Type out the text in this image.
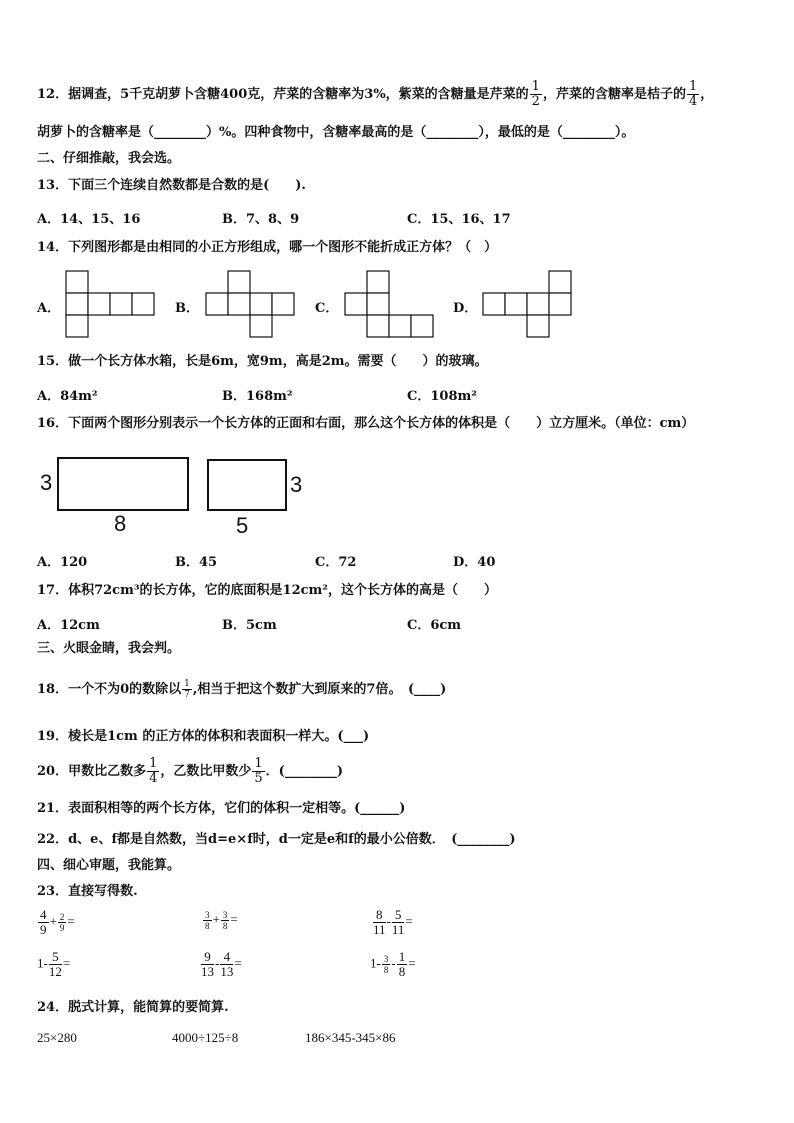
12．据调查，5千克胡萝卜含糖400克，芹菜的含糖率为3%，紫菜的含糖量是芹菜的 $\frac{1}{2}$ ，芹菜的含糖率是桔子的 $\frac{1}{4}$ ，
胡萝卜的含糖率是（________）%。四种食物中，含糖率最高的是（________），最低的是（________）。
二、仔细推敲，我会选。
13．下面三个连续自然数都是合数的是(　　).
A．14、15、16	B．7、8、9	C．15、16、17
14．下列图形都是由相同的小正方形组成，哪一个图形不能折成正方体？（　）
A．	B．	C．	D．
15．做一个长方体水箱，长是6m，宽9m，高是2m。需要（　　）的玻璃。
A．84m²	B．168m²	C．108m²
16．下面两个图形分别表示一个长方体的正面和右面，那么这个长方体的体积是（　　）立方厘米。（单位：cm）
3
8
3
5
A．120	B．45	C．72	D．40
17．体积72cm³的长方体，它的底面积是12cm²，这个长方体的高是（　　）
A．12cm	B．5cm	C．6cm
三、火眼金睛，我会判。
18．一个不为0的数除以 $\frac{1}{7}$ ,相当于把这个数扩大到原来的7倍。　(____)
19．棱长是1cm 的正方体的体积和表面积一样大。(___)
20．甲数比乙数多 $\frac{1}{4}$ ，乙数比甲数少 $\frac{1}{5}$ ．(________)
21．表面积相等的两个长方体，它们的体积一定相等。(______)
22．d、e、f都是自然数，当d=e×f时，d一定是e和f的最小公倍数．　(________)
四、细心审题，我能算。
23．直接写得数.
$\frac{4}{9} + \frac{2}{9}$ =	$\frac{3}{8} + \frac{3}{8}$ =	$\frac{8}{11} - \frac{5}{11}$ =
$1- \frac{5}{12}$ =	$\frac{9}{13} - \frac{4}{13}$ =	$1- \frac{3}{8} - \frac{1}{8}$ =
24．脱式计算，能简算的要简算.
25×280	4000÷125÷8	186×345-345×86
